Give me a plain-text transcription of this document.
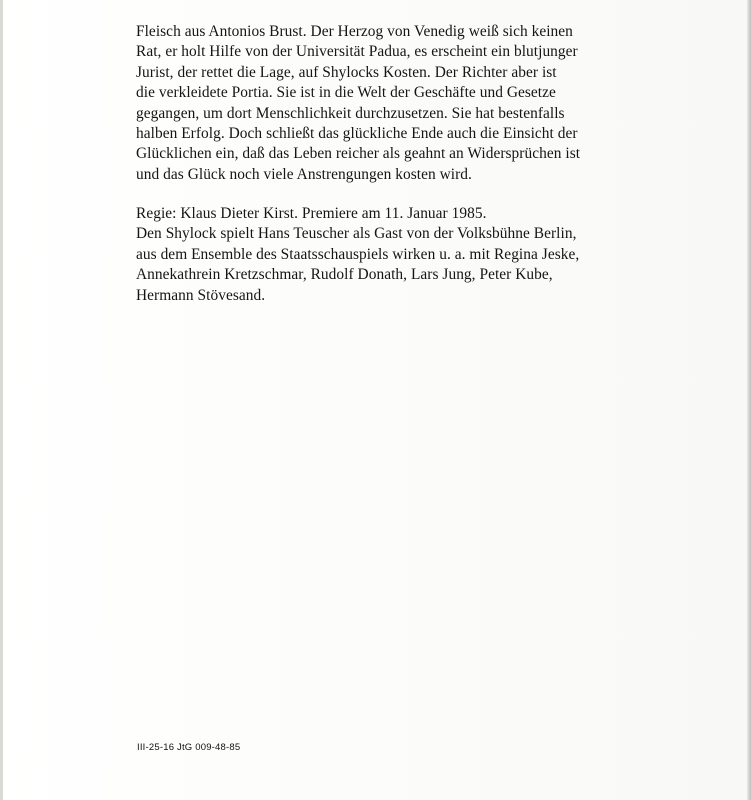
Fleisch aus Antonios Brust. Der Herzog von Venedig weiß sich keinen
Rat, er holt Hilfe von der Universität Padua, es erscheint ein blutjunger
Jurist, der rettet die Lage, auf Shylocks Kosten. Der Richter aber ist
die verkleidete Portia. Sie ist in die Welt der Geschäfte und Gesetze
gegangen, um dort Menschlichkeit durchzusetzen. Sie hat bestenfalls
halben Erfolg. Doch schließt das glückliche Ende auch die Einsicht der
Glücklichen ein, daß das Leben reicher als geahnt an Widersprüchen ist
und das Glück noch viele Anstrengungen kosten wird.

Regie: Klaus Dieter Kirst. Premiere am 11. Januar 1985.
Den Shylock spielt Hans Teuscher als Gast von der Volksbühne Berlin,
aus dem Ensemble des Staatsschauspiels wirken u. a. mit Regina Jeske,
Annekathrein Kretzschmar, Rudolf Donath, Lars Jung, Peter Kube,
Hermann Stövesand.

III-25-16 JtG 009-48-85
